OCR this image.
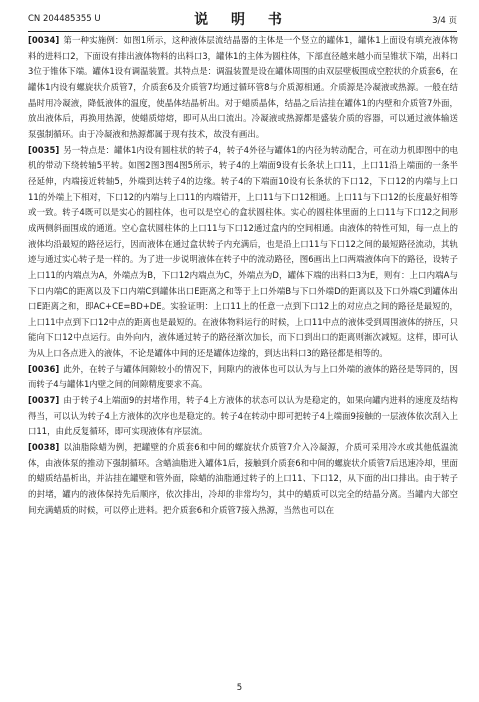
CN 204485355 U	说 明 书	3/4 页

[0034] 第一种实施例：如图1所示，这种液体层流结晶器的主体是一个竖立的罐体1，罐体1上面设有填充液体物料的进料口2，下面设有排出液体物料的出料口3，罐体1的主体为圆柱体，下部直径越来越小而呈锥状下端，出料口3位于锥体下端。罐体1设有调温装置。其特点是：调温装置是设在罐体周围的由双层壁板围成空腔状的介质套6，在罐体1内设有螺旋状介质管7，介质套6及介质管7均通过循环管8与介质源相通。介质源是冷凝液或热源。一般在结晶时用冷凝液，降低液体的温度，使晶体结晶析出。对于蜡质晶体，结晶之后沾挂在罐体1的内壁和介质管7外面，放出液体后，再换用热源，使蜡质熔熔，即可从出口流出。冷凝液或热源都是盛装介质的容器，可以通过液体输送泵强制循环。由于冷凝液和热源都属于现有技术，故没有画出。

[0035] 另一特点是：罐体1内设有圆柱状的转子4，转子4外径与罐体1的内径为转动配合，可在动力机即图中的电机的带动下绕转轴5平转。如图2图3图4图5所示，转子4的上端面9设有长条状上口11，上口11沿上端面的一条半径延伸，内端接近转轴5，外端到达转子4的边缘。转子4的下端面10设有长条状的下口12，下口12的内端与上口11的外端上下相对，下口12的内端与上口11的内端错开，上口11与下口12相通。上口11与下口12的长度最好相等或一致。转子4既可以是实心的圆柱体，也可以是空心的盒状圆柱体。实心的圆柱体里面的上口11与下口12之间形成两侧斜面围成的通道。空心盒状圆柱体的上口11与下口12通过盒内的空间相通。由液体的特性可知，每一点上的液体均沿最短的路径运行，因而液体在通过盒状转子内充满后，也是沿上口11与下口12之间的最短路径流动，其轨迹与通过实心转子是一样的。为了进一步说明液体在转子中的流动路径，图6画出上口两端液体向下的路径，设转子上口11的内端点为A，外端点为B，下口12内端点为C，外端点为D，罐体下端的出料口3为E，则有：上口内端A与下口内端C的距离以及下口内端C到罐体出口E距离之和等于上口外端B与下口外端D的距离以及下口外端C到罐体出口E距离之和，即AC+CE=BD+DE。实验证明：上口11上的任意一点到下口12上的对应点之间的路径是最短的，上口11中点到下口12中点的距离也是最短的。在液体物料运行的时候，上口11中点的液体受到周围液体的挤压，只能向下口12中点运行。由外向内，液体通过转子的路径渐次加长，而下口到出口的距离则渐次减短。这样，即可认为从上口各点进入的液体，不论是罐体中间的还是罐体边缘的，到达出料口3的路径都是相等的。

[0036] 此外，在转子与罐体间隙较小的情况下，间隙内的液体也可以认为与上口外端的液体的路径是等同的，因而转子4与罐体1内壁之间的间隙精度要求不高。

[0037] 由于转子4上端面9的封堵作用，转子4上方液体的状态可以认为是稳定的，如果向罐内进料的速度及结构得当，可以认为转子4上方液体的次序也是稳定的。转子4在转动中即可把转子4上端面9接触的一层液体依次刮入上口11，由此反复循环，即可实现液体有序层流。

[0038] 以油脂除蜡为例，把罐壁的介质套6和中间的螺旋状介质管7介入冷凝源，介质可采用冷水或其他低温流体，由液体泵的推动下强制循环。含蜡油脂进入罐体1后，接触到介质套6和中间的螺旋状介质管7后迅速冷却，里面的蜡质结晶析出，并沾挂在罐壁和管外面，除蜡的油脂通过转子的上口11、下口12，从下面的出口排出。由于转子的封堵，罐内的液体保持先后顺序，依次排出，冷却的非常均匀，其中的蜡质可以完全的结晶分离。当罐内大部空间充满蜡质的时候，可以停止进料。把介质套6和介质管7接入热源，当然也可以在

5
